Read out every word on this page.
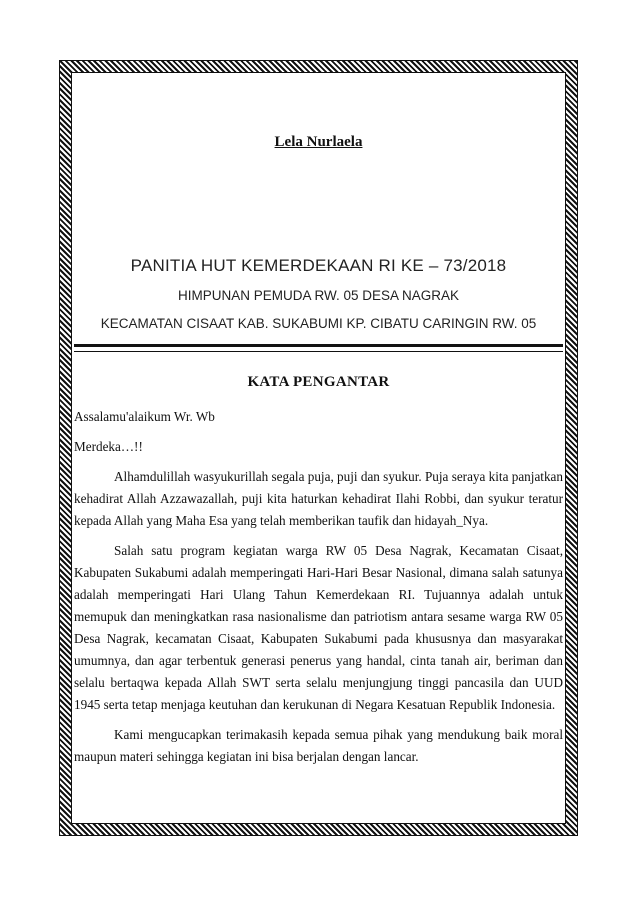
Lela Nurlaela
PANITIA HUT KEMERDEKAAN RI KE – 73/2018
HIMPUNAN PEMUDA RW. 05 DESA NAGRAK
KECAMATAN CISAAT KAB. SUKABUMI KP. CIBATU CARINGIN RW. 05
KATA PENGANTAR

Assalamu'alaikum Wr. Wb

Merdeka…!!

Alhamdulillah wasyukurillah segala puja, puji dan syukur. Puja seraya kita panjatkan kehadirat Allah Azzawazallah, puji kita haturkan kehadirat Ilahi Robbi, dan syukur teratur kepada Allah yang Maha Esa yang telah memberikan taufik dan hidayah_Nya.

Salah satu program kegiatan warga RW 05 Desa Nagrak, Kecamatan Cisaat, Kabupaten Sukabumi adalah memperingati Hari-Hari Besar Nasional, dimana salah satunya adalah memperingati Hari Ulang Tahun Kemerdekaan RI. Tujuannya adalah untuk memupuk dan meningkatkan rasa nasionalisme dan patriotism antara sesame warga RW 05 Desa Nagrak, kecamatan Cisaat, Kabupaten Sukabumi pada khususnya dan masyarakat umumnya, dan agar terbentuk generasi penerus yang handal, cinta tanah air, beriman dan selalu bertaqwa kepada Allah SWT serta selalu menjungjung tinggi pancasila dan UUD 1945 serta tetap menjaga keutuhan dan kerukunan di Negara Kesatuan Republik Indonesia.

Kami mengucapkan terimakasih kepada semua pihak yang mendukung baik moral maupun materi sehingga kegiatan ini bisa berjalan dengan lancar.
